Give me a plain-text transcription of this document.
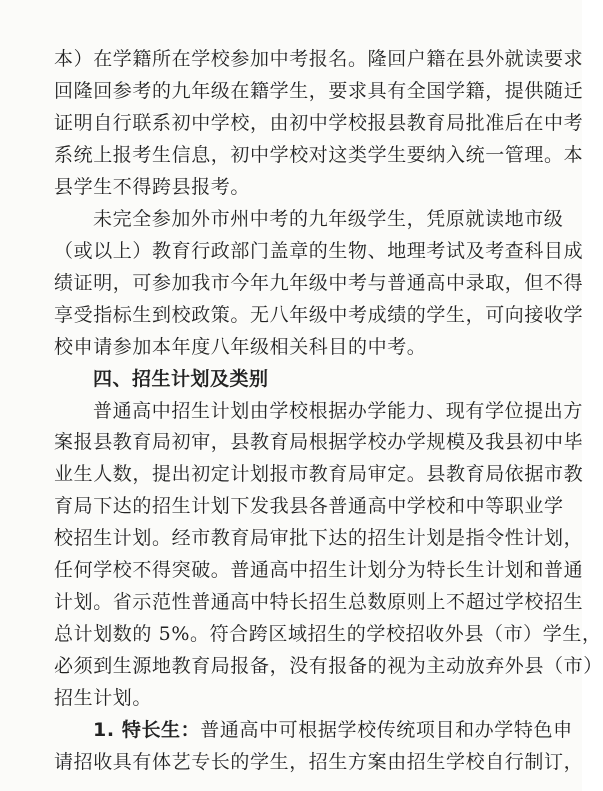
本）在学籍所在学校参加中考报名。隆回户籍在县外就读要求
回隆回参考的九年级在籍学生，要求具有全国学籍，提供随迁
证明自行联系初中学校，由初中学校报县教育局批准后在中考
系统上报考生信息，初中学校对这类学生要纳入统一管理。本
县学生不得跨县报考。
未完全参加外市州中考的九年级学生，凭原就读地市级
（或以上）教育行政部门盖章的生物、地理考试及考查科目成
绩证明，可参加我市今年九年级中考与普通高中录取，但不得
享受指标生到校政策。无八年级中考成绩的学生，可向接收学
校申请参加本年度八年级相关科目的中考。
四、招生计划及类别
普通高中招生计划由学校根据办学能力、现有学位提出方
案报县教育局初审，县教育局根据学校办学规模及我县初中毕
业生人数，提出初定计划报市教育局审定。县教育局依据市教
育局下达的招生计划下发我县各普通高中学校和中等职业学
校招生计划。经市教育局审批下达的招生计划是指令性计划，
任何学校不得突破。普通高中招生计划分为特长生计划和普通
计划。省示范性普通高中特长招生总数原则上不超过学校招生
总计划数的 5%。符合跨区域招生的学校招收外县（市）学生，
必须到生源地教育局报备，没有报备的视为主动放弃外县（市）
招生计划。
1. 特长生：普通高中可根据学校传统项目和办学特色申
请招收具有体艺专长的学生，招生方案由招生学校自行制订，
